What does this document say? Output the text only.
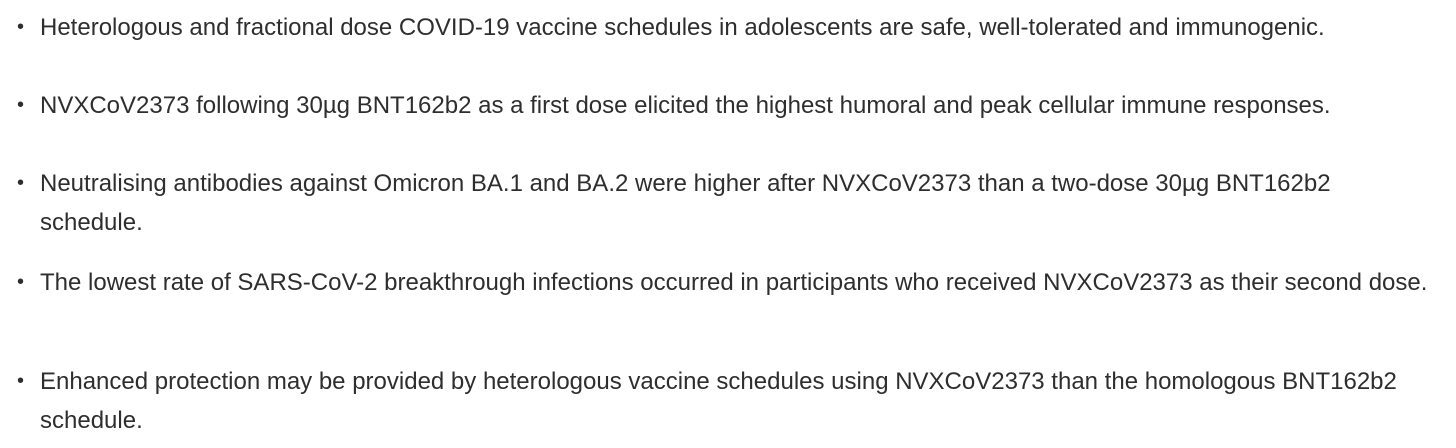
• Heterologous and fractional dose COVID-19 vaccine schedules in adolescents are safe, well-tolerated and immunogenic.
• NVXCoV2373 following 30µg BNT162b2 as a first dose elicited the highest humoral and peak cellular immune responses.
• Neutralising antibodies against Omicron BA.1 and BA.2 were higher after NVXCoV2373 than a two-dose 30µg BNT162b2 schedule.
• The lowest rate of SARS-CoV-2 breakthrough infections occurred in participants who received NVXCoV2373 as their second dose.
• Enhanced protection may be provided by heterologous vaccine schedules using NVXCoV2373 than the homologous BNT162b2 schedule.
